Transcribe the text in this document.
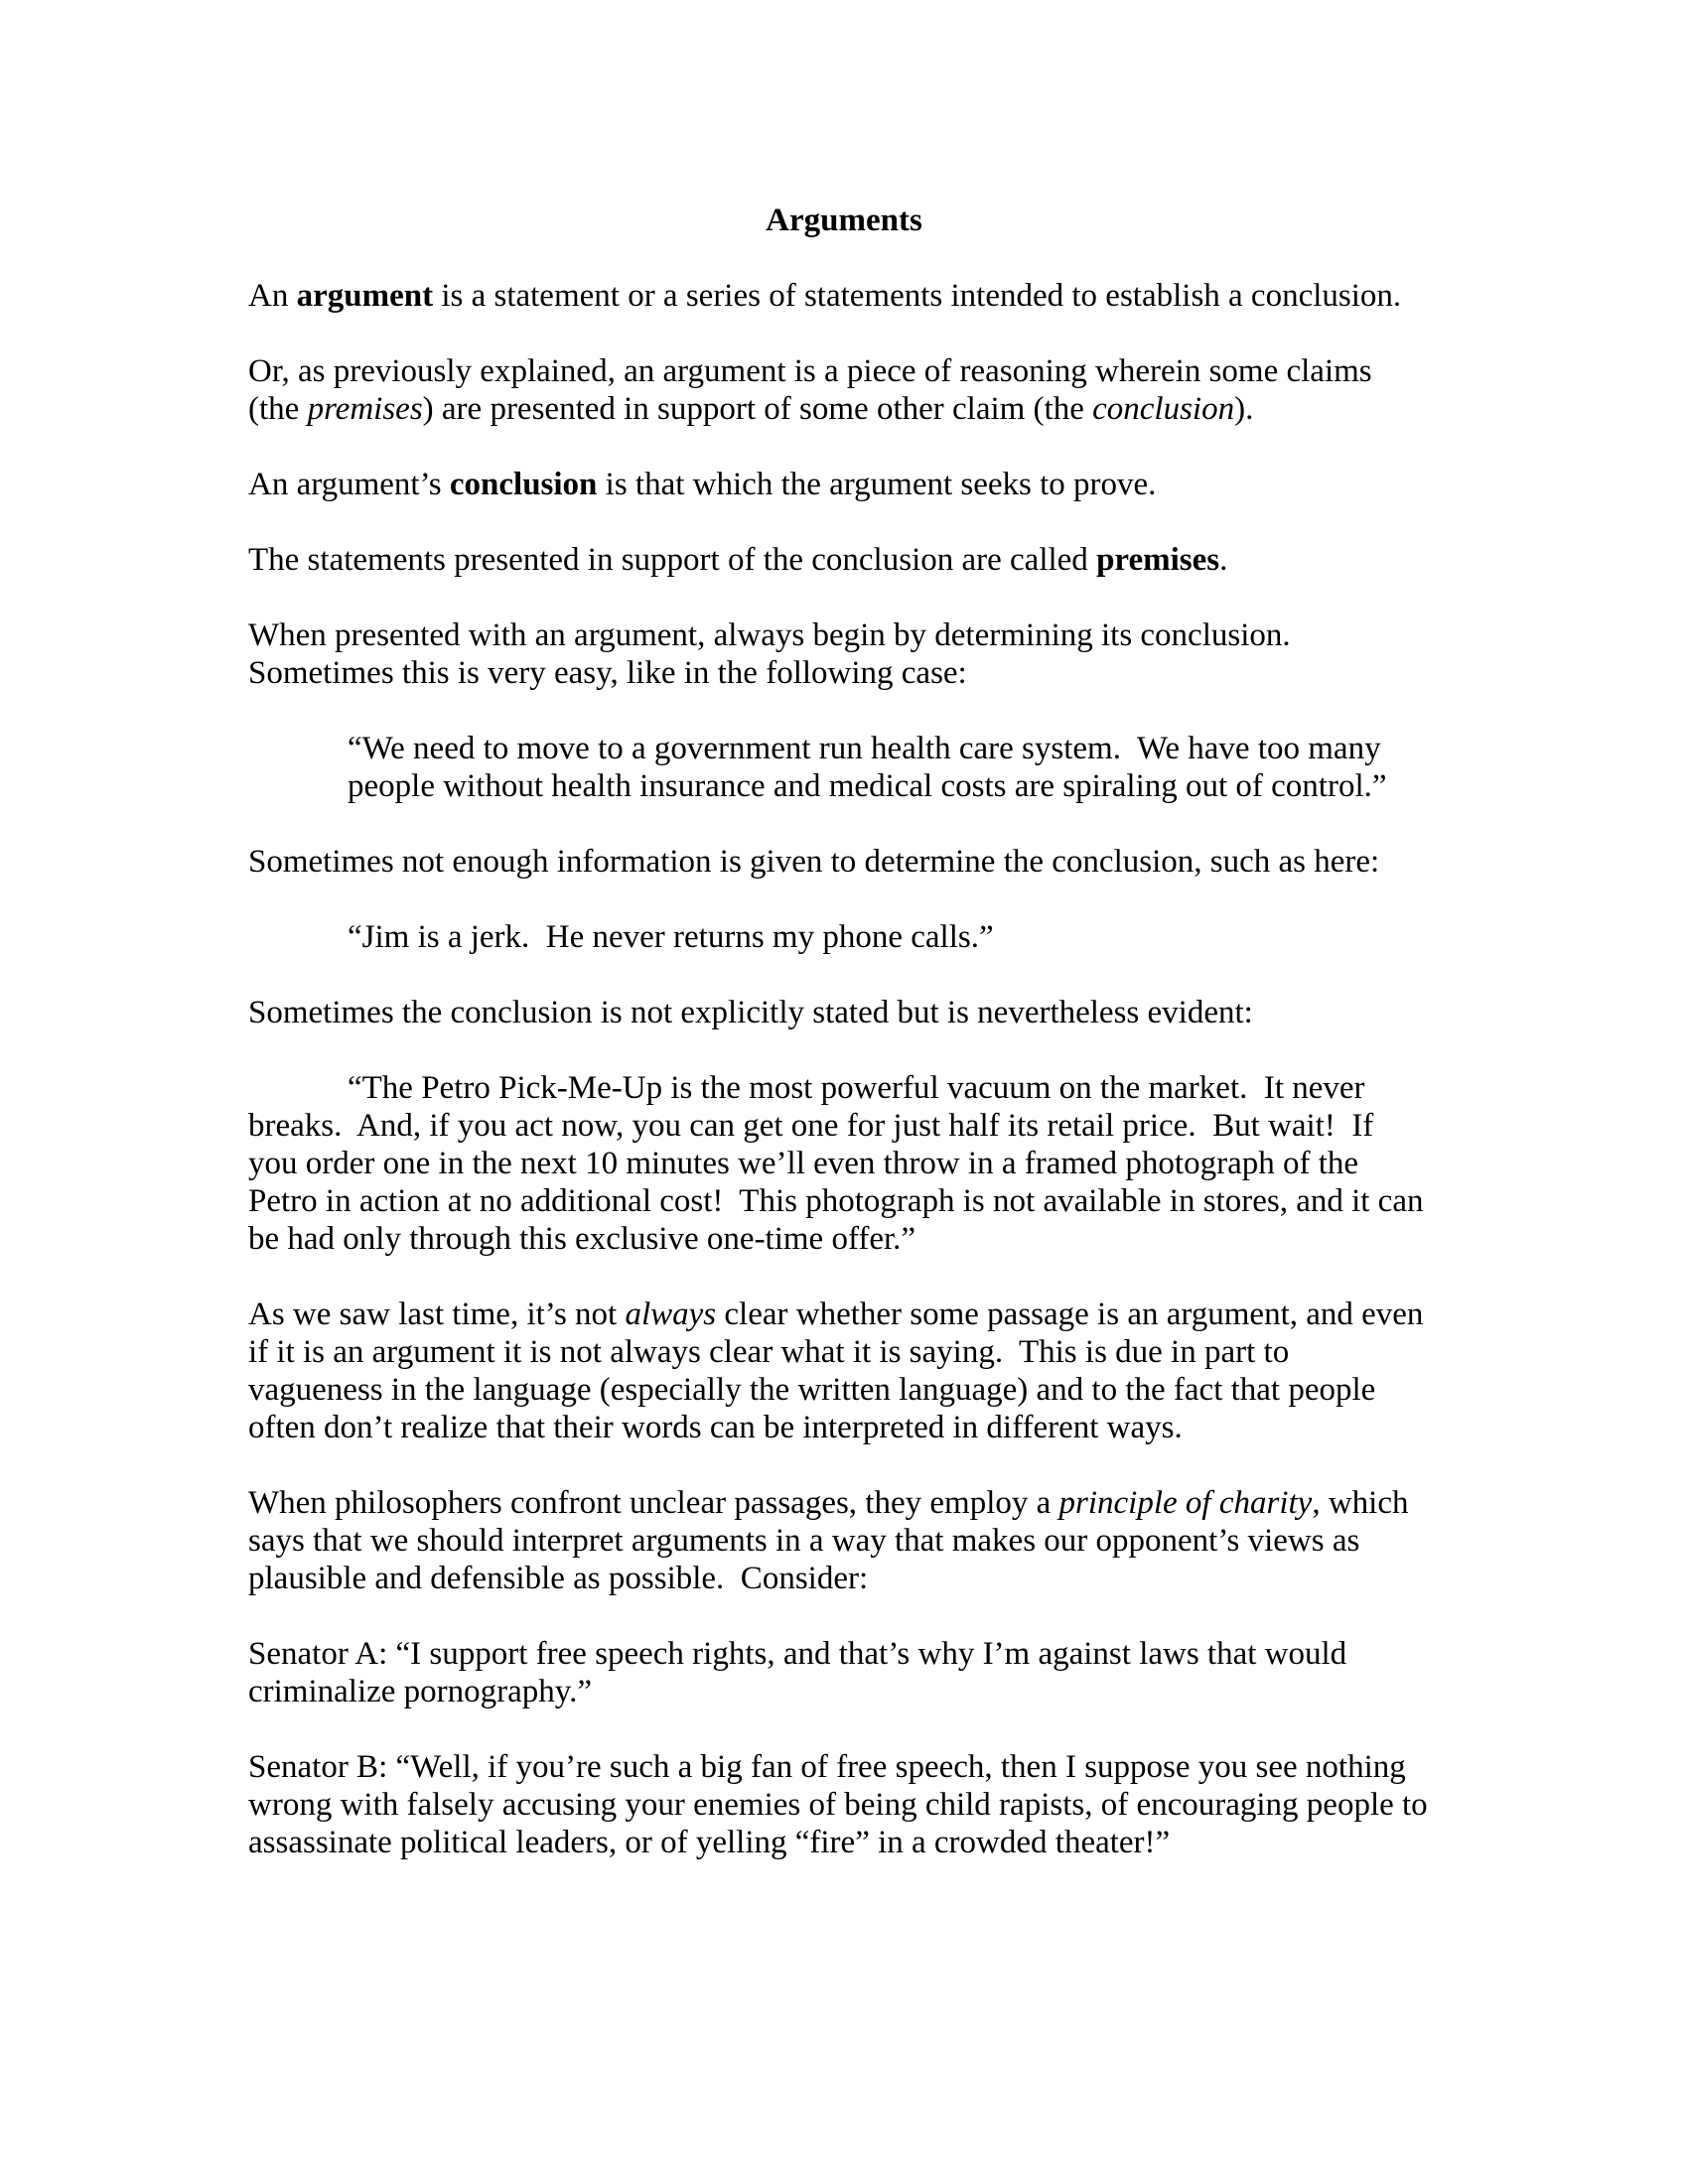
Arguments

An argument is a statement or a series of statements intended to establish a conclusion.

Or, as previously explained, an argument is a piece of reasoning wherein some claims
(the premises) are presented in support of some other claim (the conclusion).

An argument’s conclusion is that which the argument seeks to prove.

The statements presented in support of the conclusion are called premises.

When presented with an argument, always begin by determining its conclusion.
Sometimes this is very easy, like in the following case:

“We need to move to a government run health care system.  We have too many
people without health insurance and medical costs are spiraling out of control.”

Sometimes not enough information is given to determine the conclusion, such as here:

“Jim is a jerk.  He never returns my phone calls.”

Sometimes the conclusion is not explicitly stated but is nevertheless evident:

“The Petro Pick-Me-Up is the most powerful vacuum on the market.  It never
breaks.  And, if you act now, you can get one for just half its retail price.  But wait!  If
you order one in the next 10 minutes we’ll even throw in a framed photograph of the
Petro in action at no additional cost!  This photograph is not available in stores, and it can
be had only through this exclusive one-time offer.”

As we saw last time, it’s not always clear whether some passage is an argument, and even
if it is an argument it is not always clear what it is saying.  This is due in part to
vagueness in the language (especially the written language) and to the fact that people
often don’t realize that their words can be interpreted in different ways.

When philosophers confront unclear passages, they employ a principle of charity, which
says that we should interpret arguments in a way that makes our opponent’s views as
plausible and defensible as possible.  Consider:

Senator A: “I support free speech rights, and that’s why I’m against laws that would
criminalize pornography.”

Senator B: “Well, if you’re such a big fan of free speech, then I suppose you see nothing
wrong with falsely accusing your enemies of being child rapists, of encouraging people to
assassinate political leaders, or of yelling “fire” in a crowded theater!”
